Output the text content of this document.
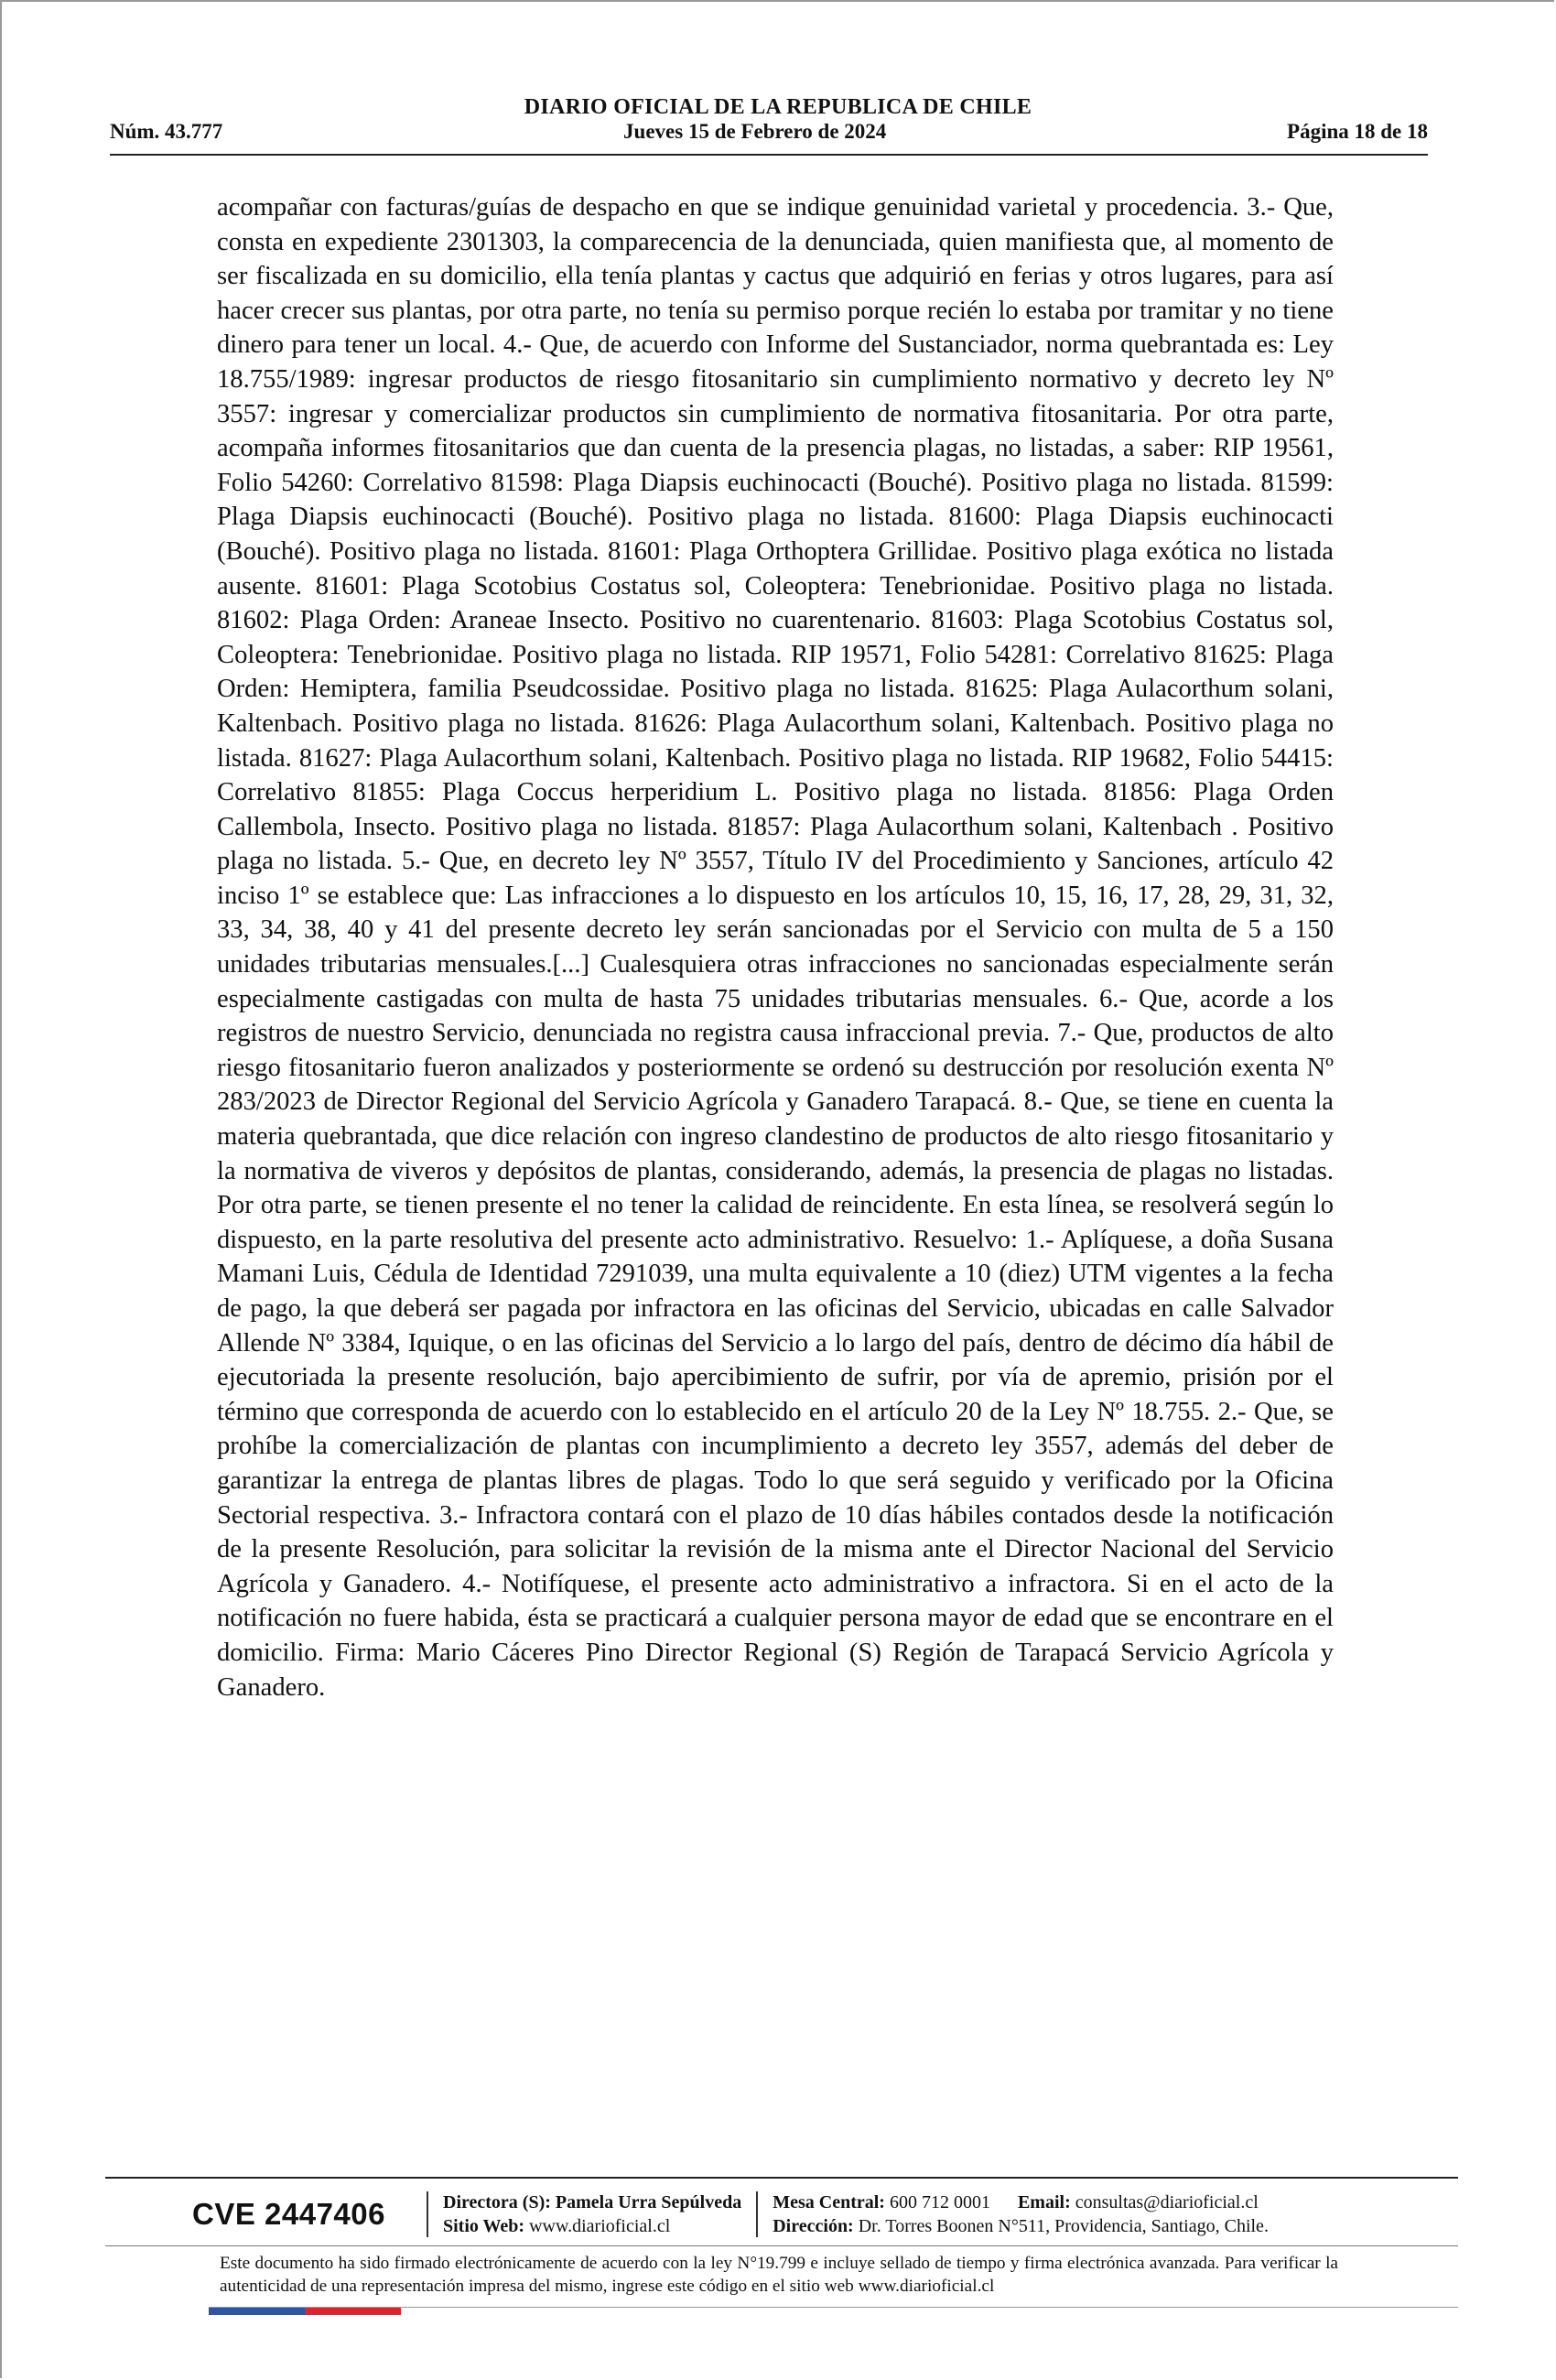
DIARIO OFICIAL DE LA REPUBLICA DE CHILE
Núm. 43.777	Jueves 15 de Febrero de 2024	Página 18 de 18

acompañar con facturas/guías de despacho en que se indique genuinidad varietal y procedencia. 3.- Que, consta en expediente 2301303, la comparecencia de la denunciada, quien manifiesta que, al momento de ser fiscalizada en su domicilio, ella tenía plantas y cactus que adquirió en ferias y otros lugares, para así hacer crecer sus plantas, por otra parte, no tenía su permiso porque recién lo estaba por tramitar y no tiene dinero para tener un local. 4.- Que, de acuerdo con Informe del Sustanciador, norma quebrantada es: Ley 18.755/1989: ingresar productos de riesgo fitosanitario sin cumplimiento normativo y decreto ley Nº 3557: ingresar y comercializar productos sin cumplimiento de normativa fitosanitaria. Por otra parte, acompaña informes fitosanitarios que dan cuenta de la presencia plagas, no listadas, a saber: RIP 19561, Folio 54260: Correlativo 81598: Plaga Diapsis euchinocacti (Bouché). Positivo plaga no listada. 81599: Plaga Diapsis euchinocacti (Bouché). Positivo plaga no listada. 81600: Plaga Diapsis euchinocacti (Bouché). Positivo plaga no listada. 81601: Plaga Orthoptera Grillidae. Positivo plaga exótica no listada ausente. 81601: Plaga Scotobius Costatus sol, Coleoptera: Tenebrionidae. Positivo plaga no listada. 81602: Plaga Orden: Araneae Insecto. Positivo no cuarentenario. 81603: Plaga Scotobius Costatus sol, Coleoptera: Tenebrionidae. Positivo plaga no listada. RIP 19571, Folio 54281: Correlativo 81625: Plaga Orden: Hemiptera, familia Pseudcossidae. Positivo plaga no listada. 81625: Plaga Aulacorthum solani, Kaltenbach. Positivo plaga no listada. 81626: Plaga Aulacorthum solani, Kaltenbach. Positivo plaga no listada. 81627: Plaga Aulacorthum solani, Kaltenbach. Positivo plaga no listada. RIP 19682, Folio 54415: Correlativo 81855: Plaga Coccus herperidium L. Positivo plaga no listada. 81856: Plaga Orden Callembola, Insecto. Positivo plaga no listada. 81857: Plaga Aulacorthum solani, Kaltenbach . Positivo plaga no listada. 5.- Que, en decreto ley Nº 3557, Título IV del Procedimiento y Sanciones, artículo 42 inciso 1º se establece que: Las infracciones a lo dispuesto en los artículos 10, 15, 16, 17, 28, 29, 31, 32, 33, 34, 38, 40 y 41 del presente decreto ley serán sancionadas por el Servicio con multa de 5 a 150 unidades tributarias mensuales.[...] Cualesquiera otras infracciones no sancionadas especialmente serán especialmente castigadas con multa de hasta 75 unidades tributarias mensuales. 6.- Que, acorde a los registros de nuestro Servicio, denunciada no registra causa infraccional previa. 7.- Que, productos de alto riesgo fitosanitario fueron analizados y posteriormente se ordenó su destrucción por resolución exenta Nº 283/2023 de Director Regional del Servicio Agrícola y Ganadero Tarapacá. 8.- Que, se tiene en cuenta la materia quebrantada, que dice relación con ingreso clandestino de productos de alto riesgo fitosanitario y la normativa de viveros y depósitos de plantas, considerando, además, la presencia de plagas no listadas. Por otra parte, se tienen presente el no tener la calidad de reincidente. En esta línea, se resolverá según lo dispuesto, en la parte resolutiva del presente acto administrativo. Resuelvo: 1.- Aplíquese, a doña Susana Mamani Luis, Cédula de Identidad 7291039, una multa equivalente a 10 (diez) UTM vigentes a la fecha de pago, la que deberá ser pagada por infractora en las oficinas del Servicio, ubicadas en calle Salvador Allende Nº 3384, Iquique, o en las oficinas del Servicio a lo largo del país, dentro de décimo día hábil de ejecutoriada la presente resolución, bajo apercibimiento de sufrir, por vía de apremio, prisión por el término que corresponda de acuerdo con lo establecido en el artículo 20 de la Ley Nº 18.755. 2.- Que, se prohíbe la comercialización de plantas con incumplimiento a decreto ley 3557, además del deber de garantizar la entrega de plantas libres de plagas. Todo lo que será seguido y verificado por la Oficina Sectorial respectiva. 3.- Infractora contará con el plazo de 10 días hábiles contados desde la notificación de la presente Resolución, para solicitar la revisión de la misma ante el Director Nacional del Servicio Agrícola y Ganadero. 4.- Notifíquese, el presente acto administrativo a infractora. Si en el acto de la notificación no fuere habida, ésta se practicará a cualquier persona mayor de edad que se encontrare en el domicilio. Firma: Mario Cáceres Pino Director Regional (S) Región de Tarapacá Servicio Agrícola y Ganadero.

CVE 2447406	Directora (S): Pamela Urra Sepúlveda
Sitio Web: www.diarioficial.cl
Mesa Central: 600 712 0001 Email: consultas@diarioficial.cl
Dirección: Dr. Torres Boonen N°511, Providencia, Santiago, Chile.
Este documento ha sido firmado electrónicamente de acuerdo con la ley N°19.799 e incluye sellado de tiempo y firma electrónica avanzada. Para verificar la autenticidad de una representación impresa del mismo, ingrese este código en el sitio web www.diarioficial.cl
